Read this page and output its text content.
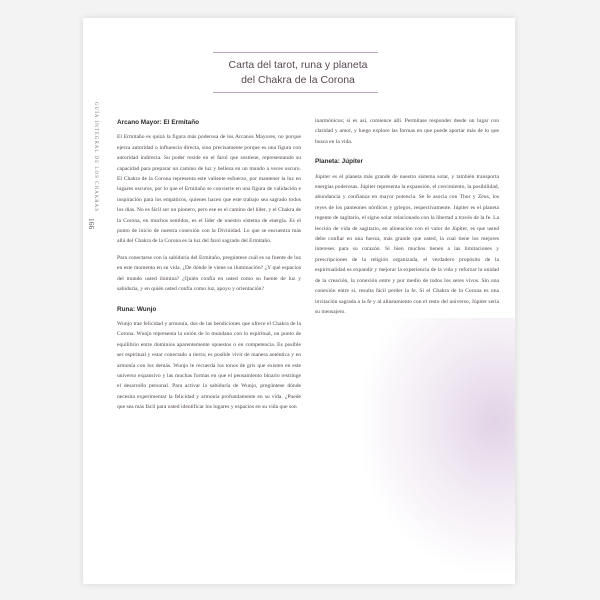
GUÍA INTEGRAL DE LOS CHAKRAS
166
Carta del tarot, runa y planeta
del Chakra de la Corona
Arcano Mayor: El Ermitaño

El Ermitaño es quizá la figura más poderosa de los Arcanos Mayores, no porque ejerza autoridad o influencia directa, sino precisamente porque es una figura con autoridad indirecta. Su poder reside en el farol que sostiene, representando su capacidad para preparar un camino de luz y belleza en un mundo a veces oscuro. El Chakra de la Corona representa este valiente esfuerzo, por mantener la luz en lugares oscuros, por lo que el Ermitaño se convierte en una figura de validación e inspiración para los empáticos, quienes hacen que este trabajo sea sagrado todos los días. No es fácil ser un pionero, pero ese es el camino del líder, y el Chakra de la Corona, en muchos sentidos, es el líder de nuestro sistema de energía. Es el punto de inicio de nuestra conexión con la Divinidad. Lo que se encuentra más allá del Chakra de la Corona es la luz del farol sagrado del Ermitaño.

Para conectarse con la sabiduría del Ermitaño, pregúntese cuál es su fuente de luz en este momento en su vida. ¿De dónde le viene su iluminación? ¿Y qué espacios del mundo usted ilumina? ¿Quién confía en usted como su fuente de luz y sabiduría, y en quién usted confía como luz, apoyo y orientación?

Runa: Wunjo

Wunjo trae felicidad y armonía, dos de las bendiciones que ofrece el Chakra de la Corona. Wunjo representa la unión de lo mundano con lo espiritual, un punto de equilibrio entre dominios aparentemente opuestos o en competencia. Es posible ser espiritual y estar conectado a tierra; es posible vivir de manera auténtica y en armonía con los demás. Wunjo le recuerda los tonos de gris que existen en este universo expansivo y las muchas formas en que el pensamiento binario restringe el desarrollo personal. Para activar la sabiduría de Wunjo, pregúntese dónde necesita experimentar la felicidad y armonía profundamente en su vida. ¿Puede que sea más fácil para usted identificar los lugares y espacios en su vida que son

inarmónicos; si es así, comience allí. Permítase responder desde un lugar con claridad y amor, y luego explore las formas en que puede aportar más de lo que busca en la vida.

Planeta: Júpiter

Júpiter es el planeta más grande de nuestro sistema solar, y también transporta energías poderosas. Júpiter representa la expansión, el crecimiento, la posibilidad, abundancia y confianza en mayor potencia. Se le asocia con Thor y Zeus, los reyes de los panteones nórdicos y griegos, respectivamente. Júpiter es el planeta regente de sagitario, el signo solar relacionado con la libertad a través de la fe. La lección de vida de sagitario, en alineación con el valor de Júpiter, es que usted debe confiar en una fuerza, más grande que usted, la cual tiene los mejores intereses para su corazón. Si bien muchos tienen a las limitaciones y prescripciones de la religión organizada, el verdadero propósito de la espiritualidad es expandir y mejorar la experiencia de la vida y reforzar la unidad de la creación, la conexión entre y por medio de todos los seres vivos. Sin una conexión entre sí, resulta fácil perder la fe. Si el Chakra de la Corona es una invitación sagrada a la fe y al alineamiento con el resto del universo, Júpiter sería su mensajero.
